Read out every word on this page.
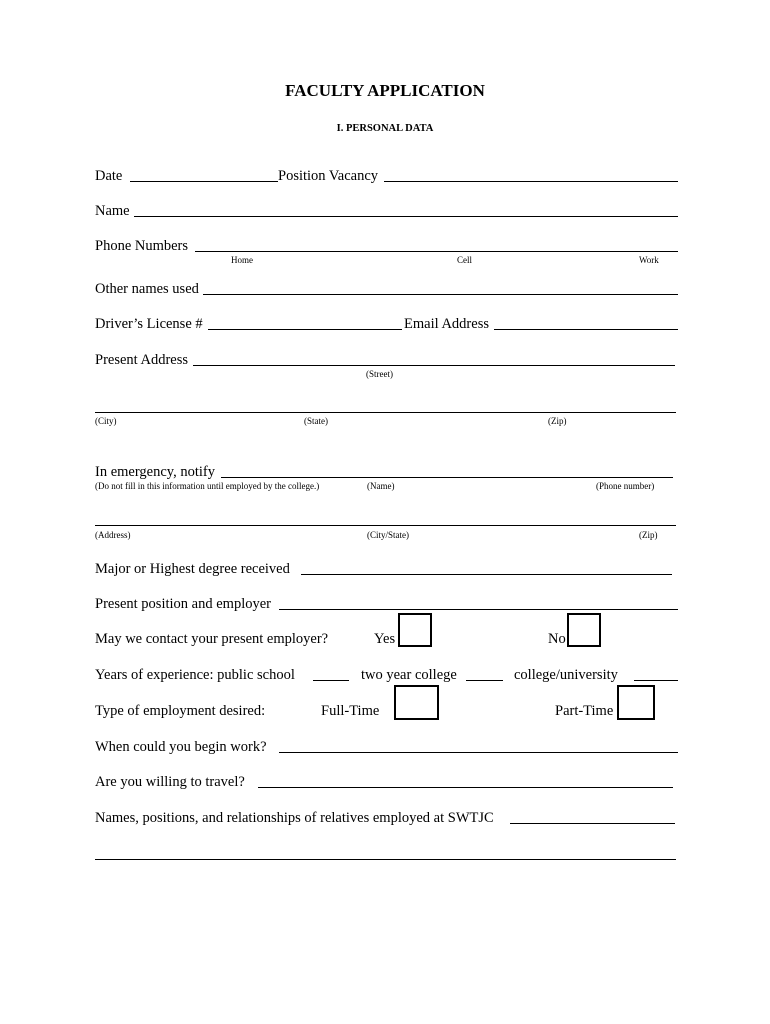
FACULTY APPLICATION
I. PERSONAL DATA
Date	Position Vacancy
Name
Phone Numbers
Home	Cell	Work
Other names used
Driver’s License #	Email Address
Present Address
(Street)
(City)	(State)	(Zip)
In emergency, notify
(Do not fill in this information until employed by the college.)	(Name)	(Phone number)
(Address)	(City/State)	(Zip)
Major or Highest degree received
Present position and employer
May we contact your present employer?	Yes	No
Years of experience: public school	two year college	college/university
Type of employment desired:	Full-Time	Part-Time
When could you begin work?
Are you willing to travel?
Names, positions, and relationships of relatives employed at SWTJC
